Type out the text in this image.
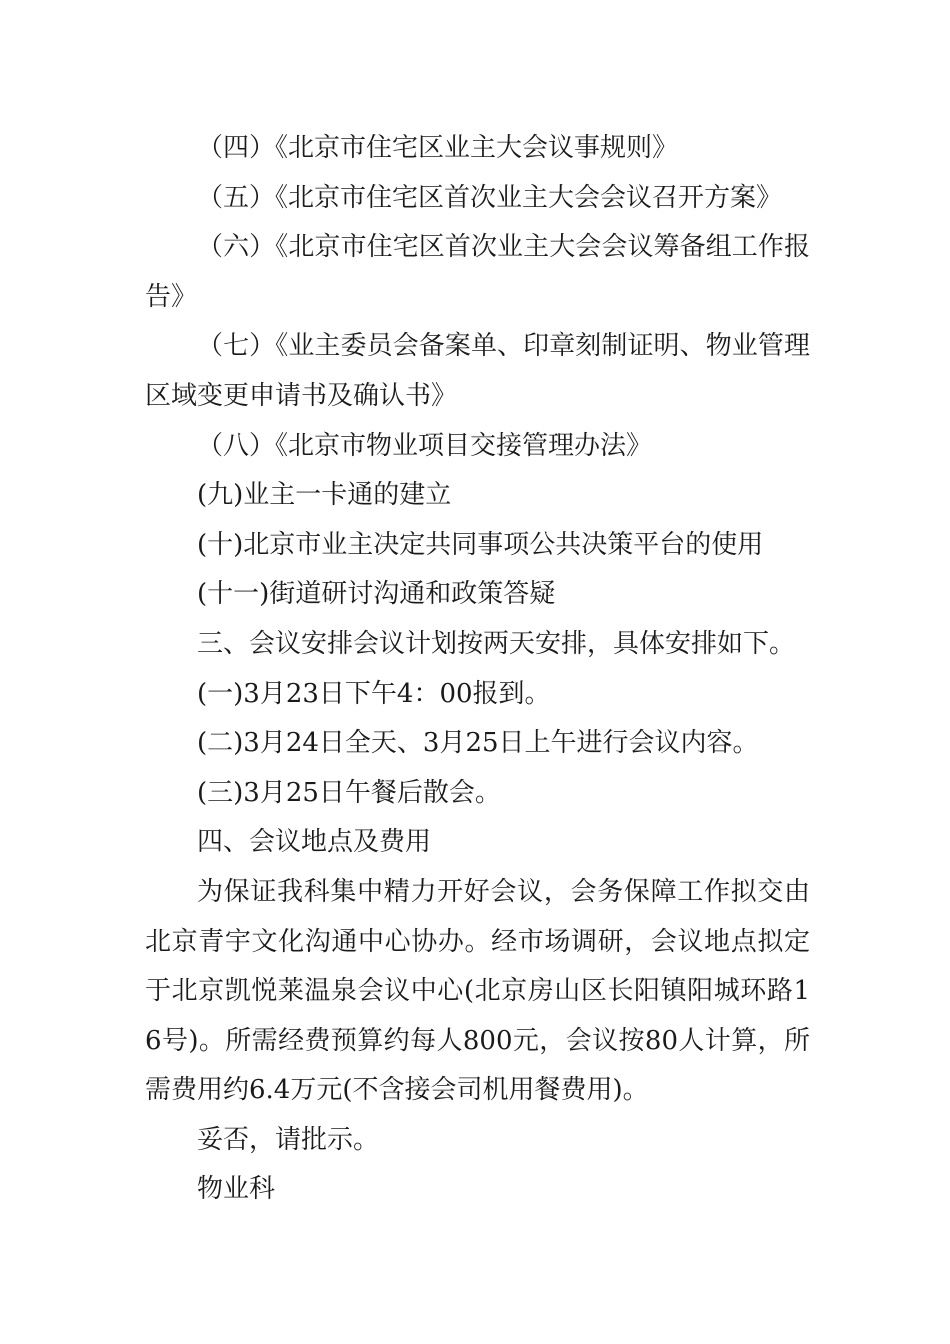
（四）《北京市住宅区业主大会议事规则》

（五）《北京市住宅区首次业主大会会议召开方案》

（六）《北京市住宅区首次业主大会会议筹备组工作报告》

（七）《业主委员会备案单、印章刻制证明、物业管理区域变更申请书及确认书》

（八）《北京市物业项目交接管理办法》

(九)业主一卡通的建立

(十)北京市业主决定共同事项公共决策平台的使用

(十一)街道研讨沟通和政策答疑

三、会议安排会议计划按两天安排，具体安排如下。

(一)3月23日下午4：00报到。

(二)3月24日全天、3月25日上午进行会议内容。

(三)3月25日午餐后散会。

四、会议地点及费用

为保证我科集中精力开好会议，会务保障工作拟交由北京青宇文化沟通中心协办。经市场调研，会议地点拟定于北京凯悦莱温泉会议中心(北京房山区长阳镇阳城环路16号)。所需经费预算约每人800元，会议按80人计算，所需费用约6.4万元(不含接会司机用餐费用)。

妥否，请批示。

物业科
